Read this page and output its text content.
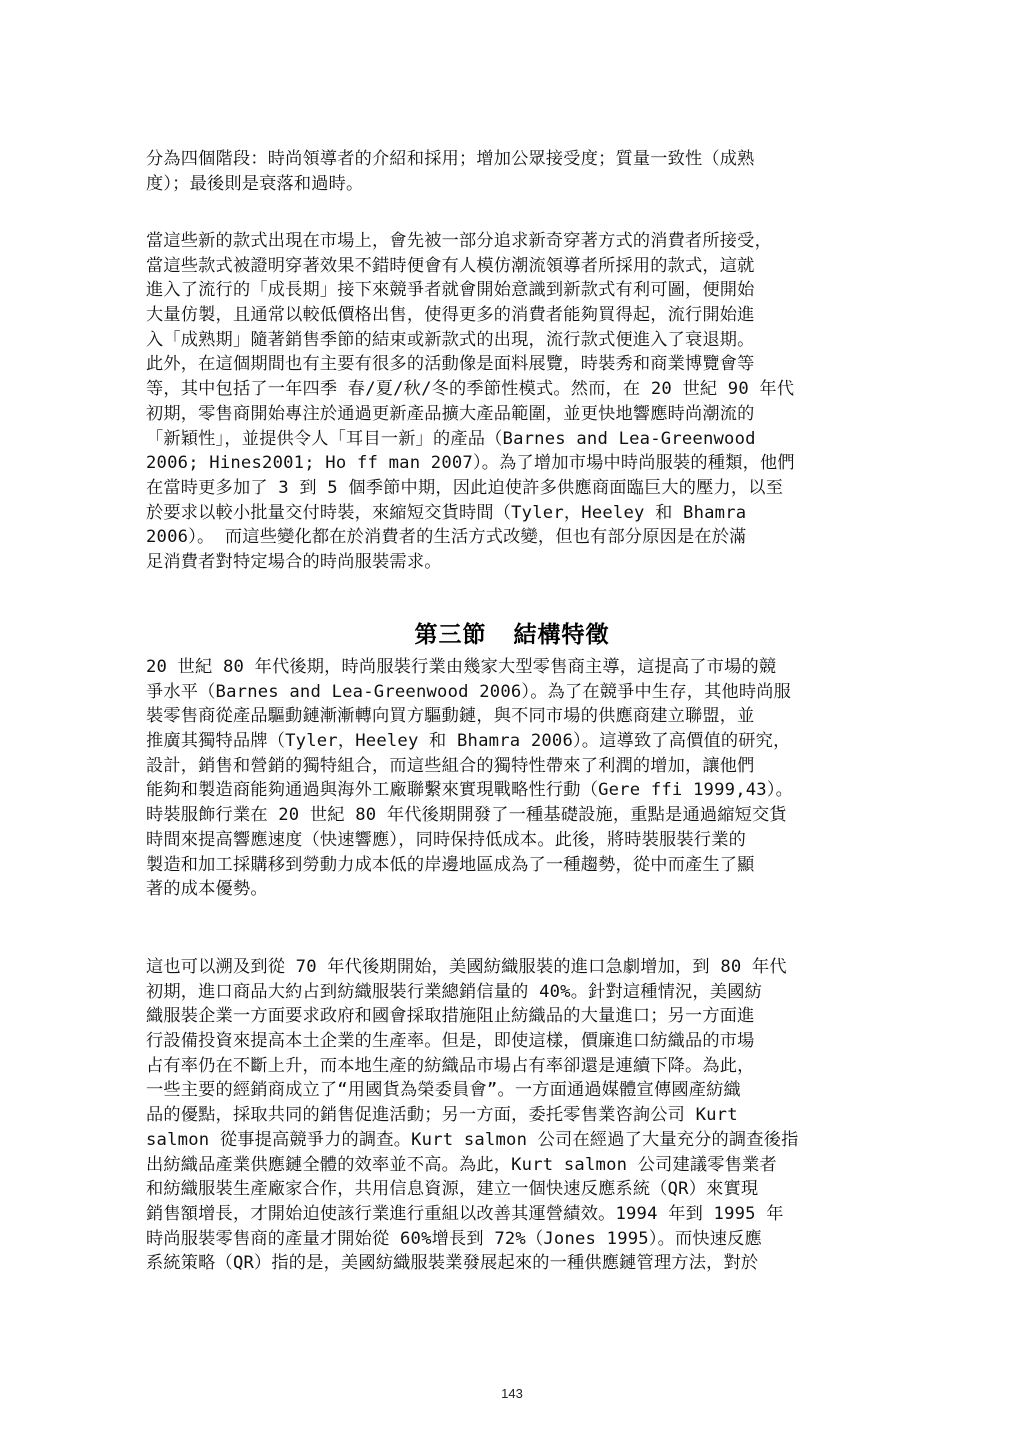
分為四個階段：時尚領導者的介紹和採用；增加公眾接受度；質量一致性（成熟
度）；最後則是衰落和過時。
當這些新的款式出現在市場上，會先被一部分追求新奇穿著方式的消費者所接受，
當這些款式被證明穿著效果不錯時便會有人模仿潮流領導者所採用的款式，這就
進入了流行的「成長期」接下來競爭者就會開始意識到新款式有利可圖，便開始
大量仿製，且通常以較低價格出售，使得更多的消費者能夠買得起，流行開始進
入「成熟期」隨著銷售季節的結束或新款式的出現，流行款式便進入了衰退期。
此外，在這個期間也有主要有很多的活動像是面料展覽，時裝秀和商業博覽會等
等，其中包括了一年四季 春/夏/秋/冬的季節性模式。然而，在 20 世紀 90 年代
初期，零售商開始專注於通過更新產品擴大產品範圍，並更快地響應時尚潮流的
「新穎性」，並提供令人「耳目一新」的產品（Barnes and Lea-Greenwood
2006; Hines2001; Ho ff man 2007）。為了增加市場中時尚服裝的種類，他們
在當時更多加了 3 到 5 個季節中期，因此迫使許多供應商面臨巨大的壓力，以至
於要求以較小批量交付時裝，來縮短交貨時間（Tyler，Heeley 和 Bhamra
2006）。 而這些變化都在於消費者的生活方式改變，但也有部分原因是在於滿
足消費者對特定場合的時尚服裝需求。
第三節 結構特徵
20 世紀 80 年代後期，時尚服裝行業由幾家大型零售商主導，這提高了市場的競
爭水平（Barnes and Lea-Greenwood 2006）。為了在競爭中生存，其他時尚服
裝零售商從產品驅動鏈漸漸轉向買方驅動鏈，與不同市場的供應商建立聯盟，並
推廣其獨特品牌（Tyler，Heeley 和 Bhamra 2006）。這導致了高價值的研究，
設計，銷售和營銷的獨特組合，而這些組合的獨特性帶來了利潤的增加，讓他們
能夠和製造商能夠通過與海外工廠聯繫來實現戰略性行動（Gere ffi 1999,43）。
時裝服飾行業在 20 世紀 80 年代後期開發了一種基礎設施，重點是通過縮短交貨
時間來提高響應速度（快速響應），同時保持低成本。此後，將時裝服裝行業的
製造和加工採購移到勞動力成本低的岸邊地區成為了一種趨勢，從中而產生了顯
著的成本優勢。
這也可以溯及到從 70 年代後期開始，美國紡織服裝的進口急劇增加，到 80 年代
初期，進口商品大約占到紡織服裝行業總銷信量的 40%。針對這種情況，美國紡
織服裝企業一方面要求政府和國會採取措施阻止紡織品的大量進口；另一方面進
行設備投資來提高本土企業的生產率。但是，即使這樣，價廉進口紡織品的市場
占有率仍在不斷上升，而本地生產的紡織品市場占有率卻還是連續下降。為此，
一些主要的經銷商成立了“用國貨為榮委員會”。一方面通過媒體宣傳國產紡織
品的優點，採取共同的銷售促進活動；另一方面，委托零售業咨詢公司 Kurt
salmon 從事提高競爭力的調查。Kurt salmon 公司在經過了大量充分的調查後指
出紡織品產業供應鏈全體的效率並不高。為此，Kurt salmon 公司建議零售業者
和紡織服裝生產廠家合作，共用信息資源，建立一個快速反應系統（QR）來實現
銷售額增長，才開始迫使該行業進行重組以改善其運營績效。1994 年到 1995 年
時尚服裝零售商的產量才開始從 60%增長到 72%（Jones 1995）。而快速反應
系統策略（QR）指的是，美國紡織服裝業發展起來的一種供應鏈管理方法，對於
143
